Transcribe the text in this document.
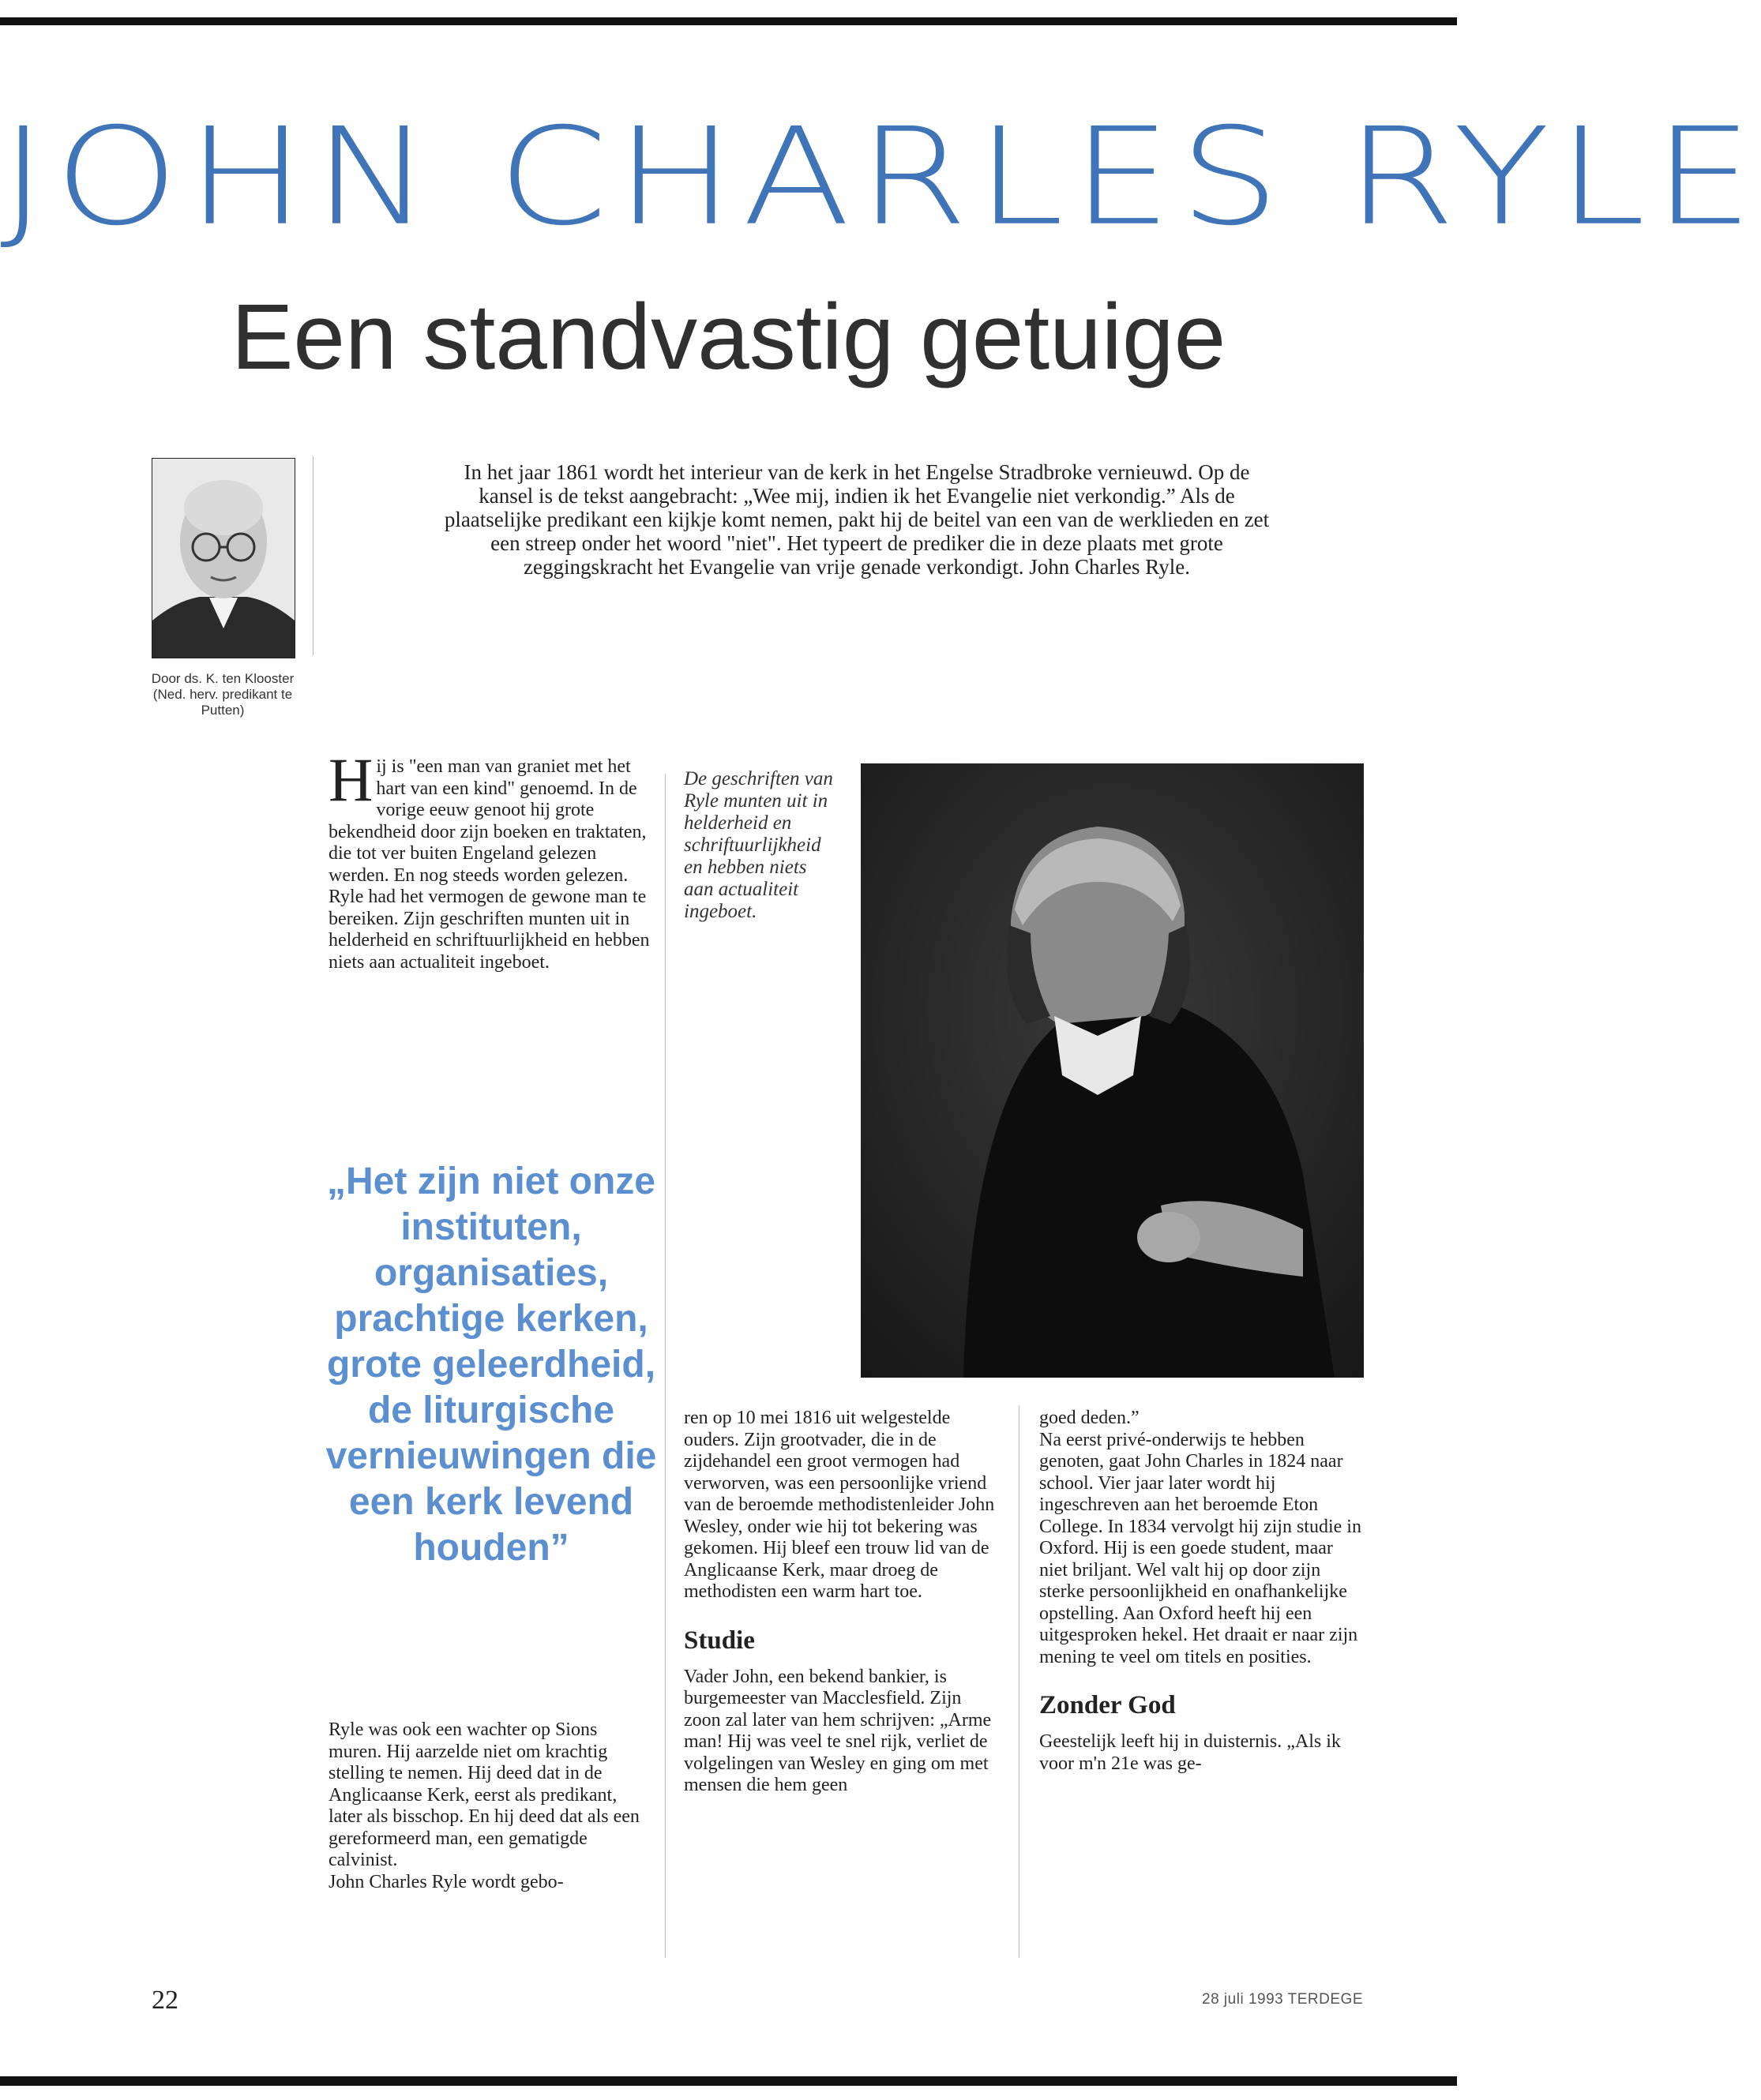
JOHN CHARLES RYLE
Een standvastig getuige
Door ds. K. ten Klooster (Ned. herv. predikant te Putten)
In het jaar 1861 wordt het interieur van de kerk in het Engelse Stradbroke vernieuwd. Op de kansel is de tekst aangebracht: „Wee mij, indien ik het Evangelie niet verkondig.” Als de plaatselijke predikant een kijkje komt nemen, pakt hij de beitel van een van de werklieden en zet een streep onder het woord "niet". Het typeert de prediker die in deze plaats met grote zeggingskracht het Evangelie van vrije genade verkondigt. John Charles Ryle.
Hij is "een man van graniet met het hart van een kind" genoemd. In de vorige eeuw genoot hij grote bekendheid door zijn boeken en traktaten, die tot ver buiten Engeland gelezen werden. En nog steeds worden gelezen. Ryle had het vermogen de gewone man te bereiken. Zijn geschriften munten uit in helderheid en schriftuurlijkheid en hebben niets aan actualiteit ingeboet.
„Het zijn niet onze instituten, organisaties, prachtige kerken, grote geleerdheid, de liturgische vernieuwingen die een kerk levend houden”

Ryle was ook een wachter op Sions muren. Hij aarzelde niet om krachtig stelling te nemen. Hij deed dat in de Anglicaanse Kerk, eerst als predikant, later als bisschop. En hij deed dat als een gereformeerd man, een gematigde calvinist.

John Charles Ryle wordt gebo-

De geschriften van Ryle munten uit in helderheid en schriftuurlijkheid en hebben niets aan actualiteit ingeboet.

ren op 10 mei 1816 uit welgestelde ouders. Zijn grootvader, die in de zijdehandel een groot vermogen had verworven, was een persoonlijke vriend van de beroemde methodistenleider John Wesley, onder wie hij tot bekering was gekomen. Hij bleef een trouw lid van de Anglicaanse Kerk, maar droeg de methodisten een warm hart toe.

Studie

Vader John, een bekend bankier, is burgemeester van Macclesfield. Zijn zoon zal later van hem schrijven: „Arme man! Hij was veel te snel rijk, verliet de volgelingen van Wesley en ging om met mensen die hem geen

goed deden.”

Na eerst privé-onderwijs te hebben genoten, gaat John Charles in 1824 naar school. Vier jaar later wordt hij ingeschreven aan het beroemde Eton College. In 1834 vervolgt hij zijn studie in Oxford. Hij is een goede student, maar niet briljant. Wel valt hij op door zijn sterke persoonlijkheid en onafhankelijke opstelling. Aan Oxford heeft hij een uitgesproken hekel. Het draait er naar zijn mening te veel om titels en posities.

Zonder God

Geestelijk leeft hij in duisternis. „Als ik voor m'n 21e was ge-

22	28 juli 1993 TERDEGE
